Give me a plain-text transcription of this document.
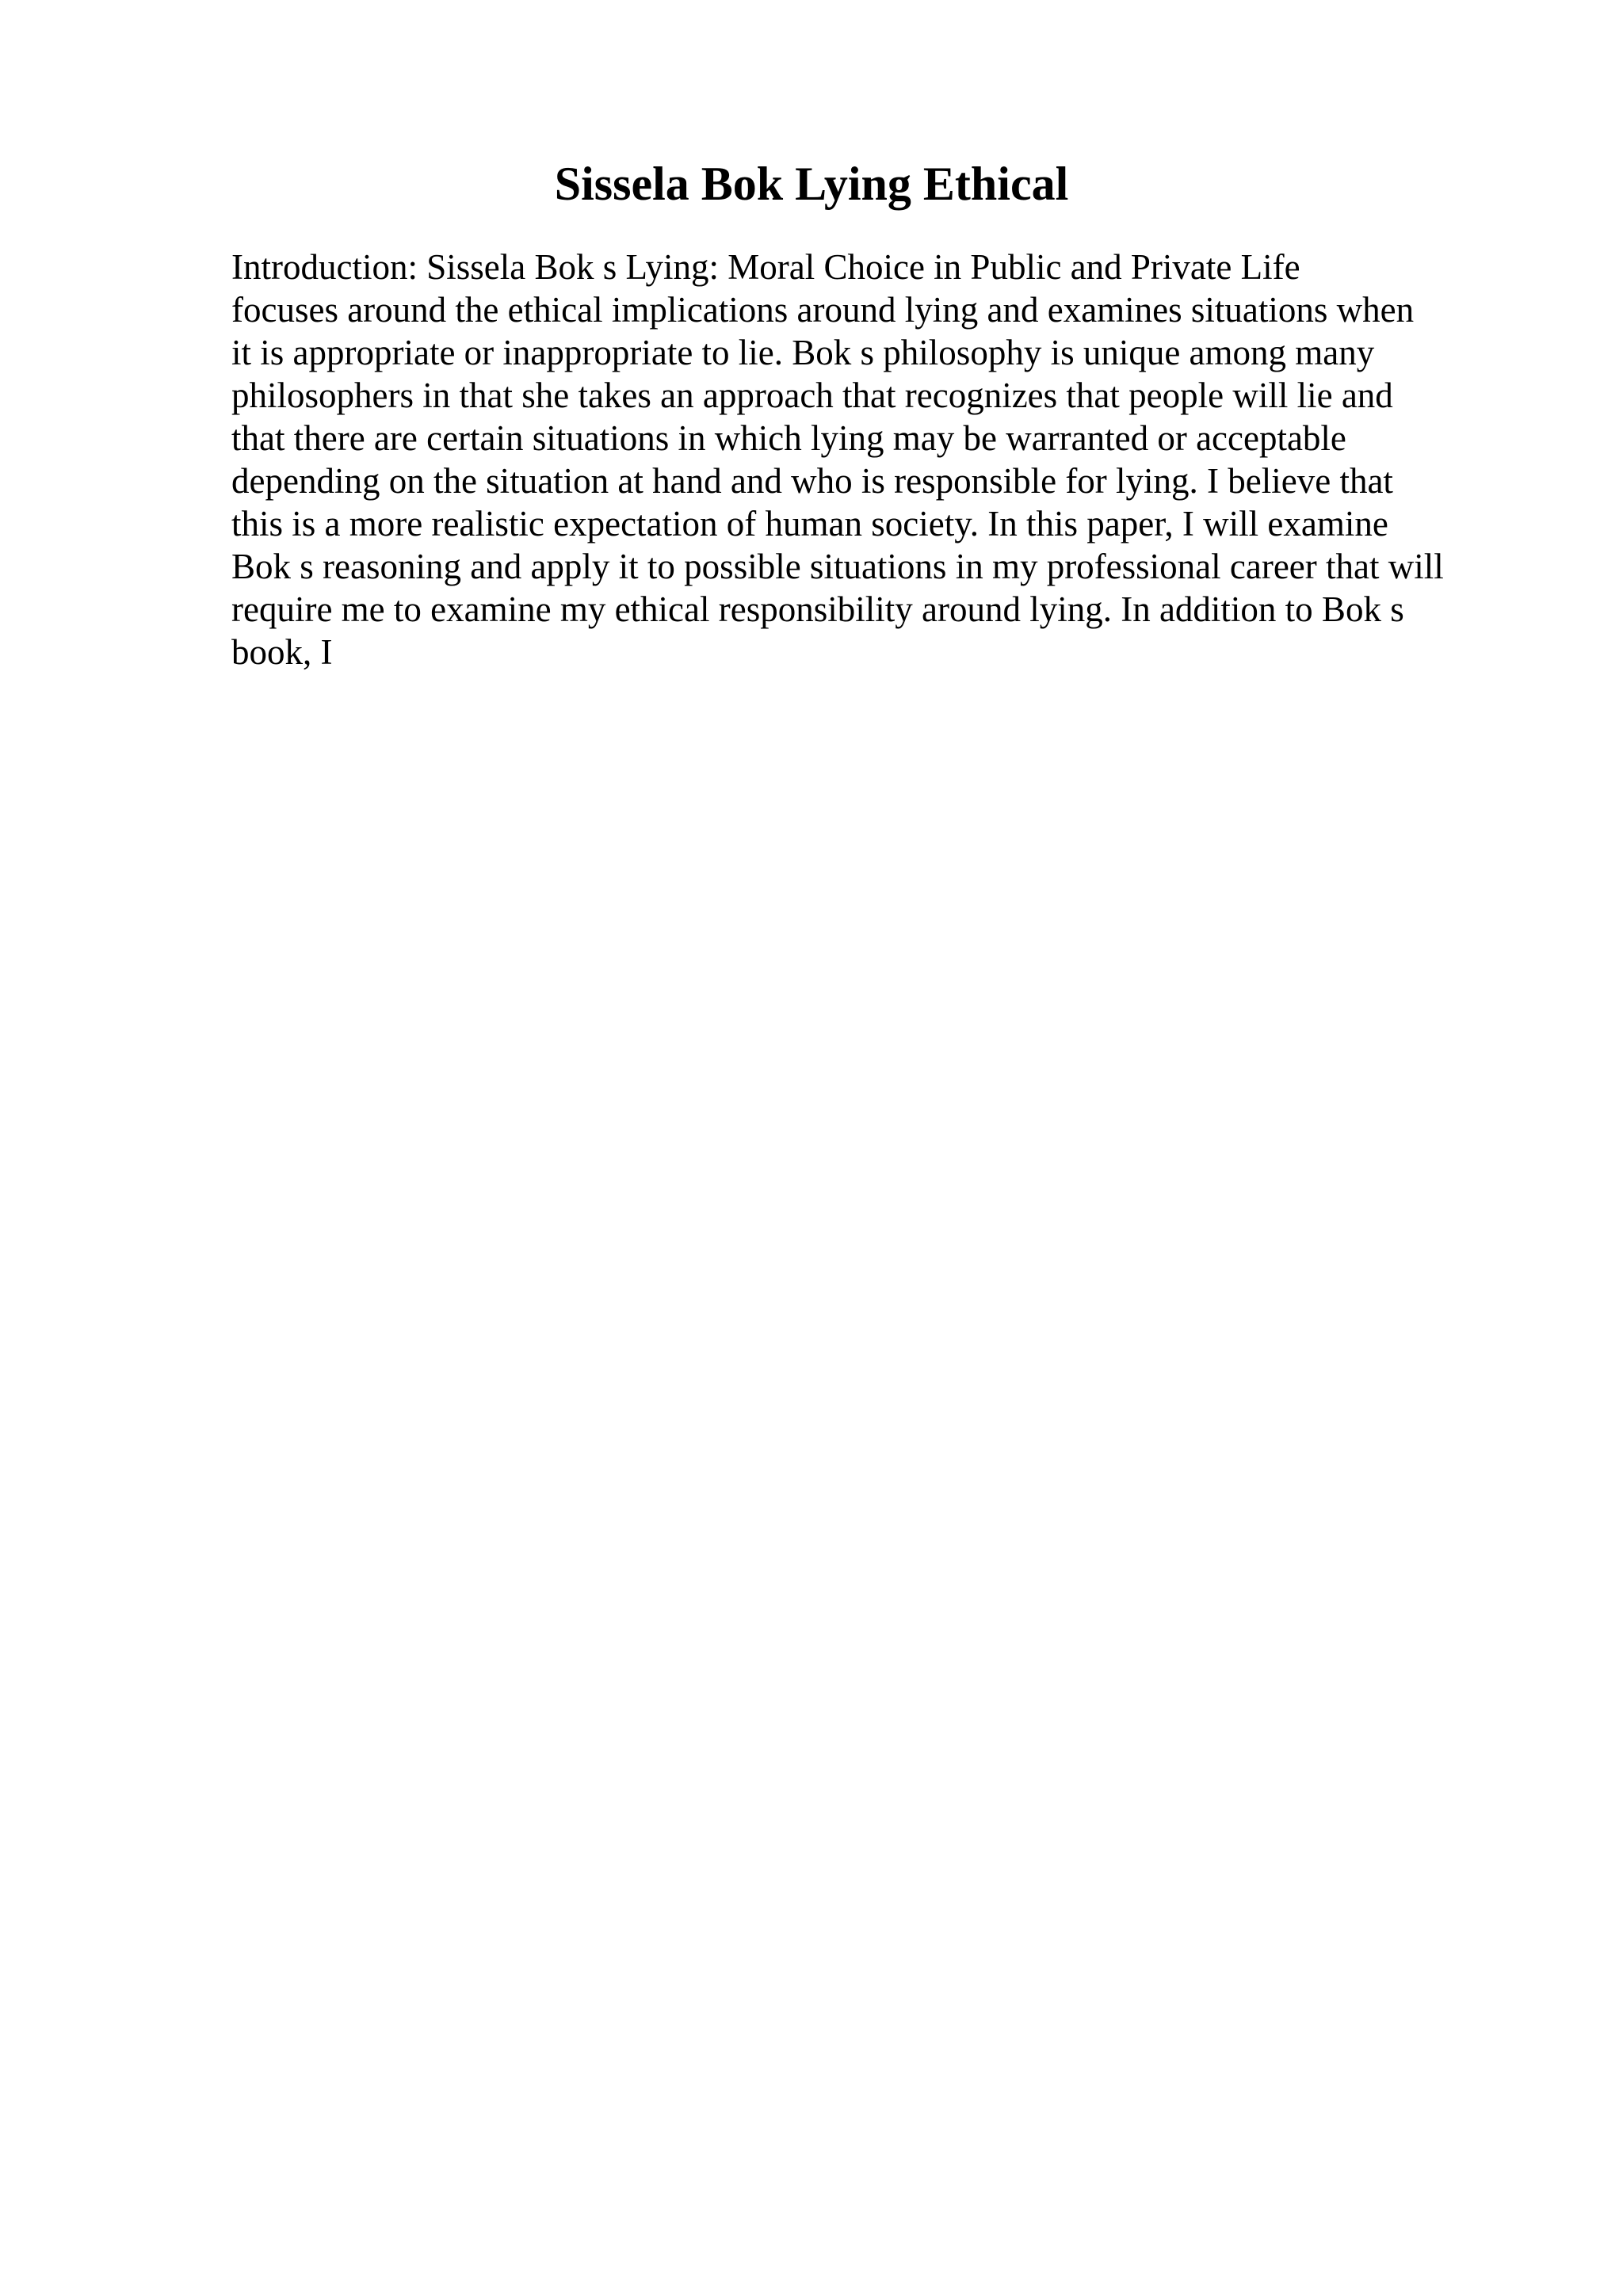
Sissela Bok Lying Ethical
Introduction: Sissela Bok s Lying: Moral Choice in Public and Private Life
focuses around the ethical implications around lying and examines situations when
it is appropriate or inappropriate to lie. Bok s philosophy is unique among many
philosophers in that she takes an approach that recognizes that people will lie and
that there are certain situations in which lying may be warranted or acceptable
depending on the situation at hand and who is responsible for lying. I believe that
this is a more realistic expectation of human society. In this paper, I will examine
Bok s reasoning and apply it to possible situations in my professional career that will
require me to examine my ethical responsibility around lying. In addition to Bok s
book, I
